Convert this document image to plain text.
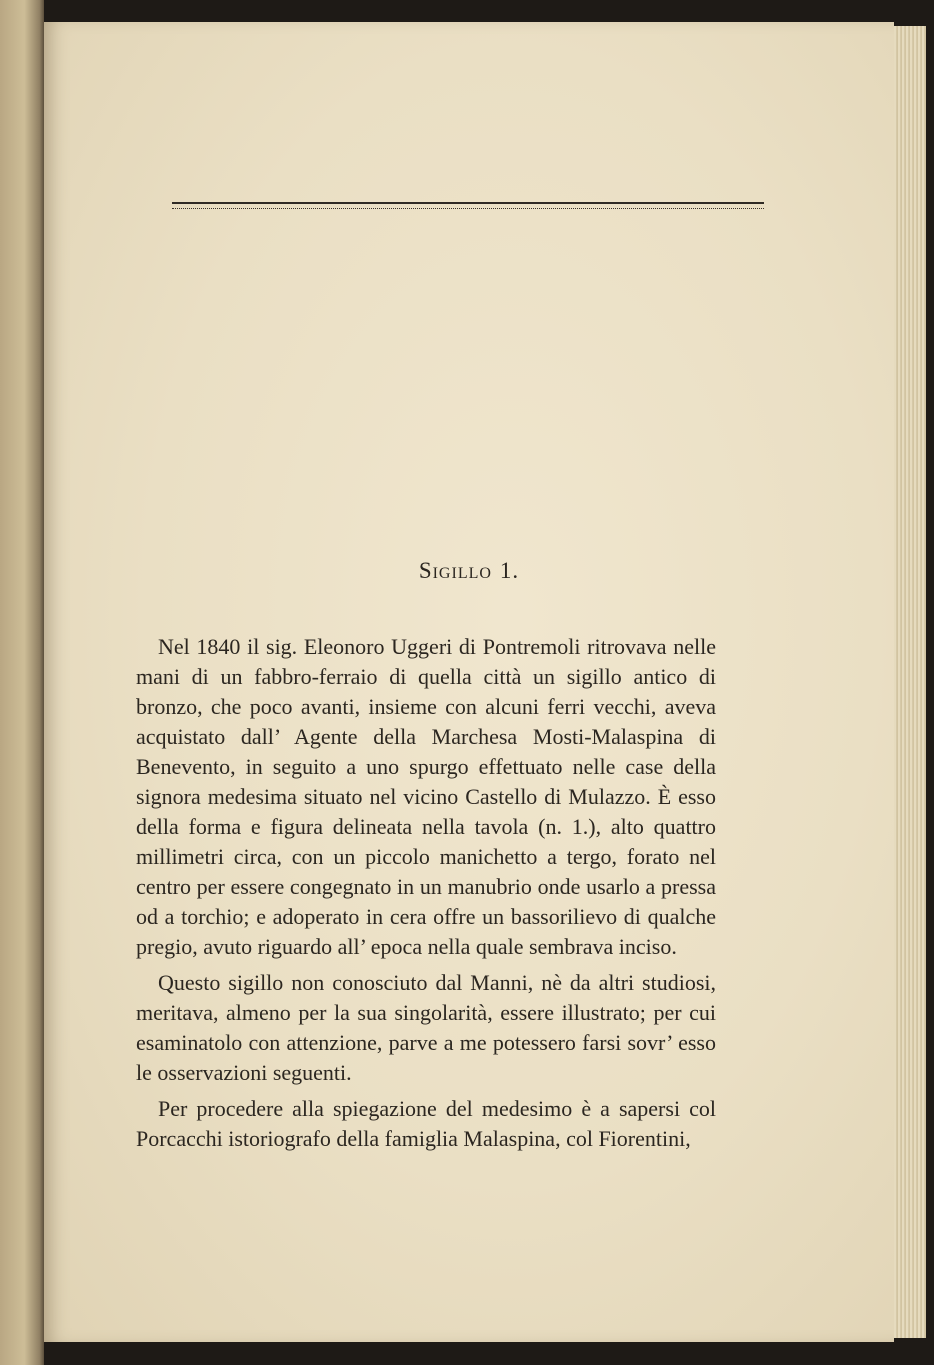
Sigillo 1.

Nel 1840 il sig. Eleonoro Uggeri di Pontremoli ritrovava nelle mani di un fabbro-ferraio di quella città un sigillo antico di bronzo, che poco avanti, insieme con alcuni ferri vecchi, aveva acquistato dall’ Agente della Marchesa Mosti-Malaspina di Benevento, in seguito a uno spurgo effettuato nelle case della signora medesima situato nel vicino Castello di Mulazzo. È esso della forma e figura delineata nella tavola (n. 1.), alto quattro millimetri circa, con un piccolo manichetto a tergo, forato nel centro per essere congegnato in un manubrio onde usarlo a pressa od a torchio; e adoperato in cera offre un bassorilievo di qualche pregio, avuto riguardo all’ epoca nella quale sembrava inciso.

Questo sigillo non conosciuto dal Manni, nè da altri studiosi, meritava, almeno per la sua singolarità, essere illustrato; per cui esaminatolo con attenzione, parve a me potessero farsi sovr’ esso le osservazioni seguenti.

Per procedere alla spiegazione del medesimo è a sapersi col Porcacchi istoriografo della famiglia Malaspina, col Fiorentini,
